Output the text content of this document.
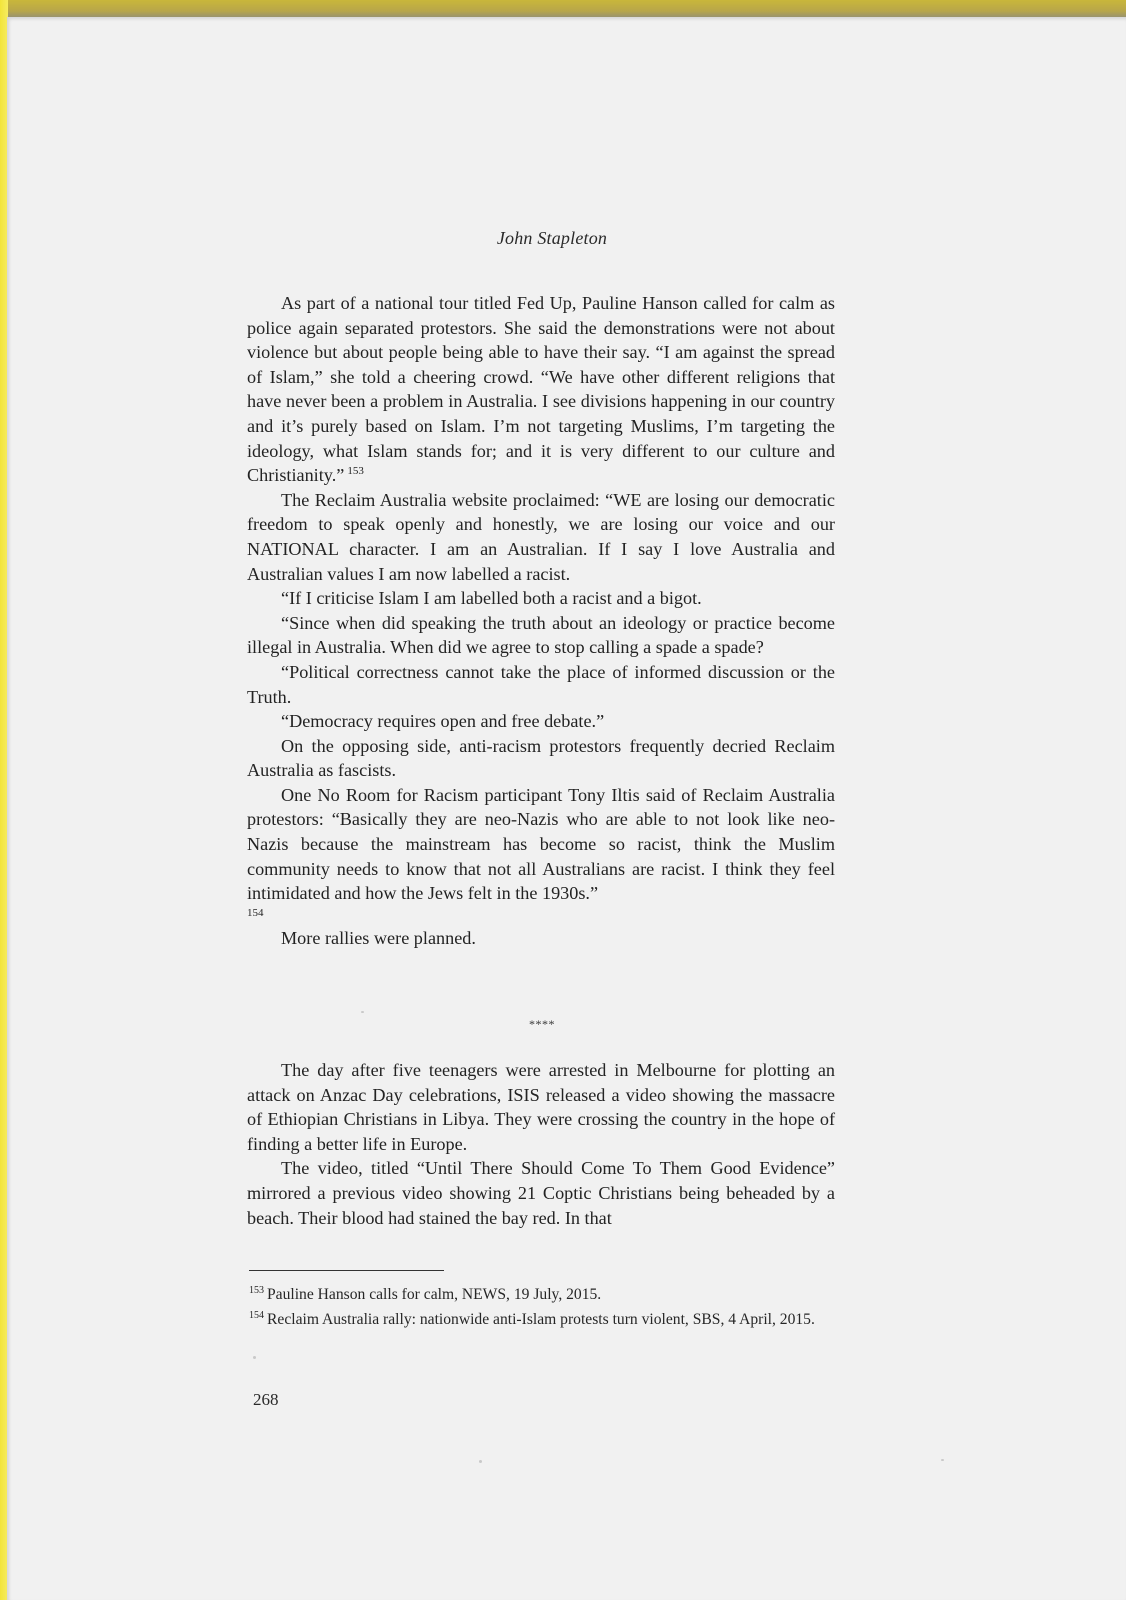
John Stapleton

As part of a national tour titled Fed Up, Pauline Hanson called for calm as police again separated protestors. She said the demonstrations were not about violence but about people being able to have their say. “I am against the spread of Islam,” she told a cheering crowd. “We have other different religions that have never been a problem in Australia. I see divisions happening in our country and it’s purely based on Islam. I’m not targeting Muslims, I’m targeting the ideology, what Islam stands for; and it is very different to our culture and Christianity.” $^{153}$

The Reclaim Australia website proclaimed: “WE are losing our democratic freedom to speak openly and honestly, we are losing our voice and our NATIONAL character. I am an Australian. If I say I love Australia and Australian values I am now labelled a racist.

“If I criticise Islam I am labelled both a racist and a bigot.

“Since when did speaking the truth about an ideology or practice become illegal in Australia. When did we agree to stop calling a spade a spade?

“Political correctness cannot take the place of informed discussion or the Truth.

“Democracy requires open and free debate.”

On the opposing side, anti-racism protestors frequently decried Reclaim Australia as fascists.

One No Room for Racism participant Tony Iltis said of Reclaim Australia protestors: “Basically they are neo-Nazis who are able to not look like neo-Nazis because the mainstream has become so racist, think the Muslim community needs to know that not all Australians are racist. I think they feel intimidated and how the Jews felt in the 1930s.”
154

More rallies were planned.

****

The day after five teenagers were arrested in Melbourne for plotting an attack on Anzac Day celebrations, ISIS released a video showing the massacre of Ethiopian Christians in Libya. They were crossing the country in the hope of finding a better life in Europe.

The video, titled “Until There Should Come To Them Good Evidence” mirrored a previous video showing 21 Coptic Christians being beheaded by a beach. Their blood had stained the bay red. In that

$^{153}$ Pauline Hanson calls for calm, NEWS, 19 July, 2015.

$^{154}$ Reclaim Australia rally: nationwide anti-Islam protests turn violent, SBS, 4 April, 2015.

268
